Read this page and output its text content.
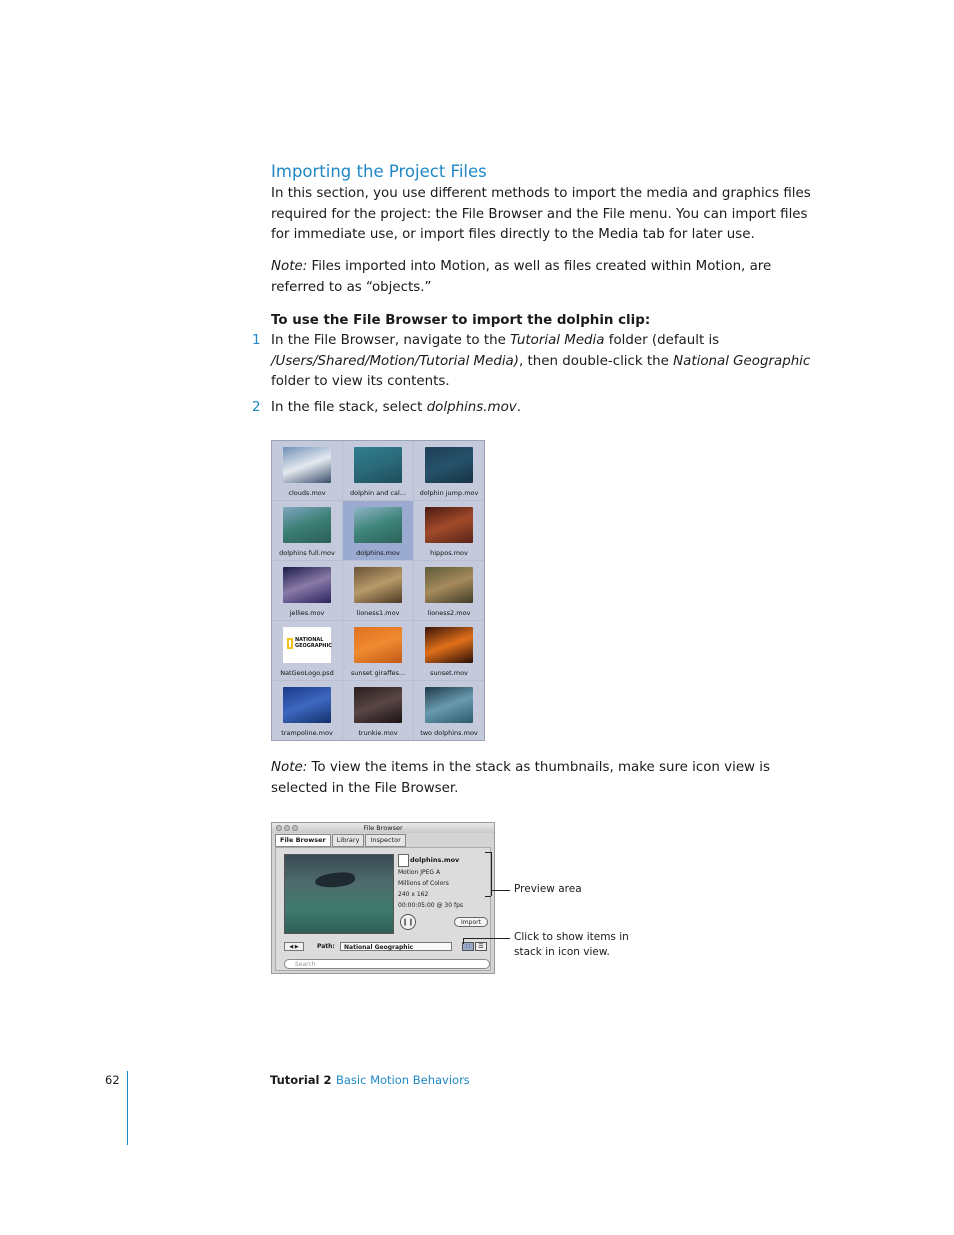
Importing the Project Files
In this section, you use different methods to import the media and graphics files required for the project: the File Browser and the File menu. You can import files for immediate use, or import files directly to the Media tab for later use.
Note: Files imported into Motion, as well as files created within Motion, are referred to as “objects.”
To use the File Browser to import the dolphin clip:
1 In the File Browser, navigate to the Tutorial Media folder (default is /Users/Shared/Motion/Tutorial Media), then double-click the National Geographic folder to view its contents.
2 In the file stack, select dolphins.mov.
clouds.mov	dolphin and cal...	dolphin jump.mov
dolphins full.mov	dolphins.mov	hippos.mov
jellies.mov	lioness1.mov	lioness2.mov
NATIONAL
GEOGRAPHIC
NatGeoLogo.psd	sunset giraffes...	sunset.mov
trampoline.mov	trunkie.mov	two dolphins.mov
Note: To view the items in the stack as thumbnails, make sure icon view is selected in the File Browser.
File Browser
File Browser	Library	Inspector
dolphins.mov
Motion JPEG A
Millions of Colors
240 x 162
00:00:05:00 @ 30 fps
❙❙	Import
◀ ▶	Path:	National Geographic	∷	☰
Search
Preview area
Click to show items in
stack in icon view.
62	Tutorial 2 Basic Motion Behaviors
